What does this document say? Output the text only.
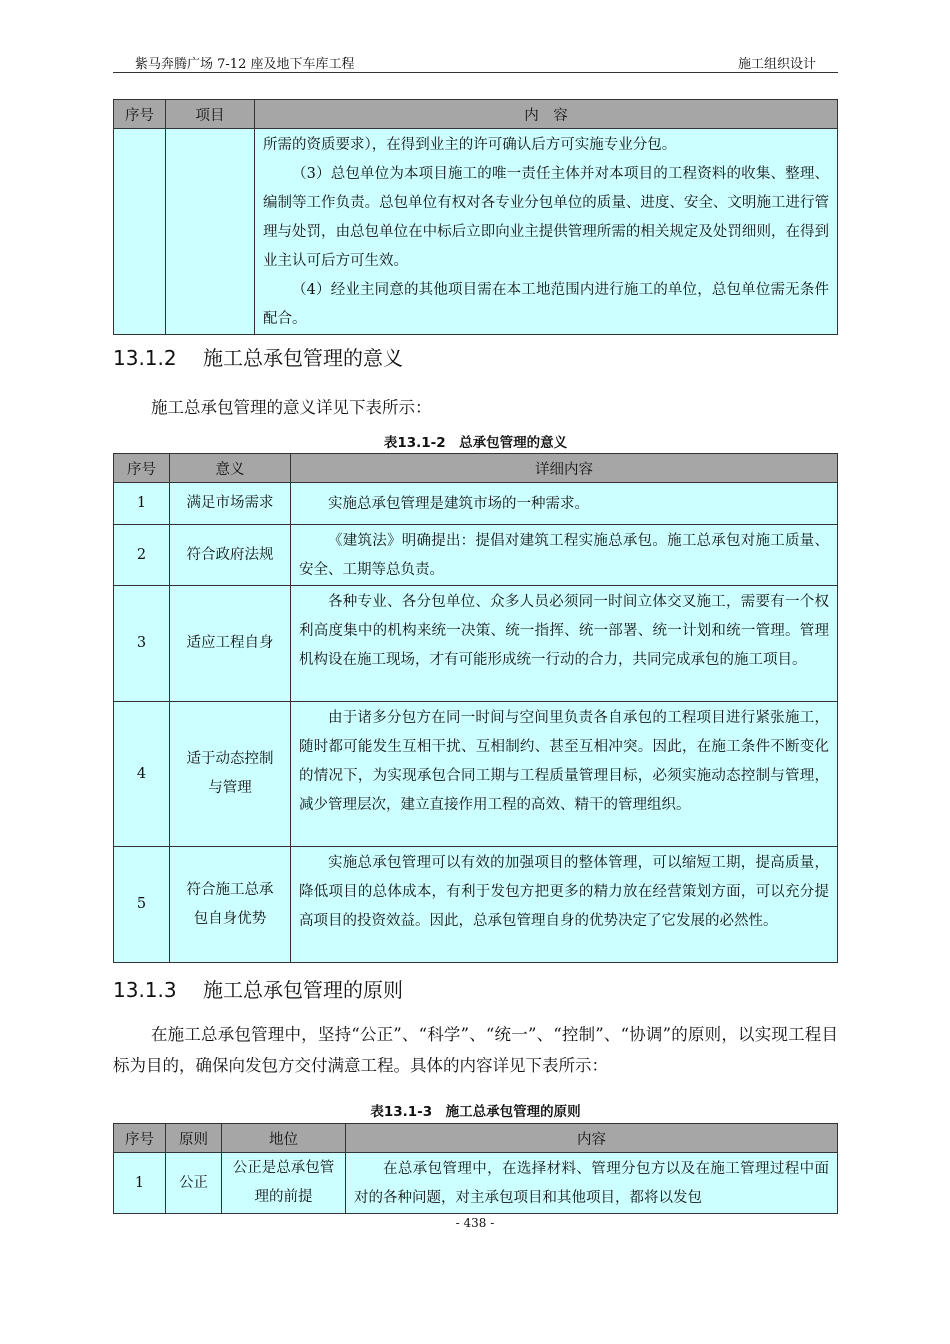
紫马奔腾广场 7-12 座及地下车库工程	施工组织设计
序号	项目	内　容

		所需的资质要求），在得到业主的许可确认后方可实施专业分包。

（3）总包单位为本项目施工的唯一责任主体并对本项目的工程资料的收集、整理、编制等工作负责。总包单位有权对各专业分包单位的质量、进度、安全、文明施工进行管理与处罚，由总包单位在中标后立即向业主提供管理所需的相关规定及处罚细则，在得到业主认可后方可生效。

（4）经业主同意的其他项目需在本工地范围内进行施工的单位，总包单位需无条件配合。

13.1.2 施工总承包管理的意义

施工总承包管理的意义详见下表所示：

表13.1-2　总承包管理的意义
序号	意义	详细内容
1	满足市场需求	实施总承包管理是建筑市场的一种需求。

2	符合政府法规	《建筑法》明确提出：提倡对建筑工程实施总承包。施工总承包对施工质量、安全、工期等总负责。

3	适应工程自身	各种专业、各分包单位、众多人员必须同一时间立体交叉施工，需要有一个权利高度集中的机构来统一决策、统一指挥、统一部署、统一计划和统一管理。管理机构设在施工现场，才有可能形成统一行动的合力，共同完成承包的施工项目。

4	适于动态控制与管理	由于诸多分包方在同一时间与空间里负责各自承包的工程项目进行紧张施工，随时都可能发生互相干扰、互相制约、甚至互相冲突。因此，在施工条件不断变化的情况下，为实现承包合同工期与工程质量管理目标，必须实施动态控制与管理，减少管理层次，建立直接作用工程的高效、精干的管理组织。

5	符合施工总承包自身优势	实施总承包管理可以有效的加强项目的整体管理，可以缩短工期，提高质量，降低项目的总体成本，有利于发包方把更多的精力放在经营策划方面，可以充分提高项目的投资效益。因此，总承包管理自身的优势决定了它发展的必然性。

13.1.3 施工总承包管理的原则

在施工总承包管理中，坚持“公正”、“科学”、“统一”、“控制”、“协调”的原则，以实现工程目标为目的，确保向发包方交付满意工程。具体的内容详见下表所示：

表13.1-3　施工总承包管理的原则
序号	原则	地位	内容
1	公正	公正是总承包管理的前提	在总承包管理中，在选择材料、管理分包方以及在施工管理过程中面对的各种问题，对主承包项目和其他项目，都将以发包

- 438 -
